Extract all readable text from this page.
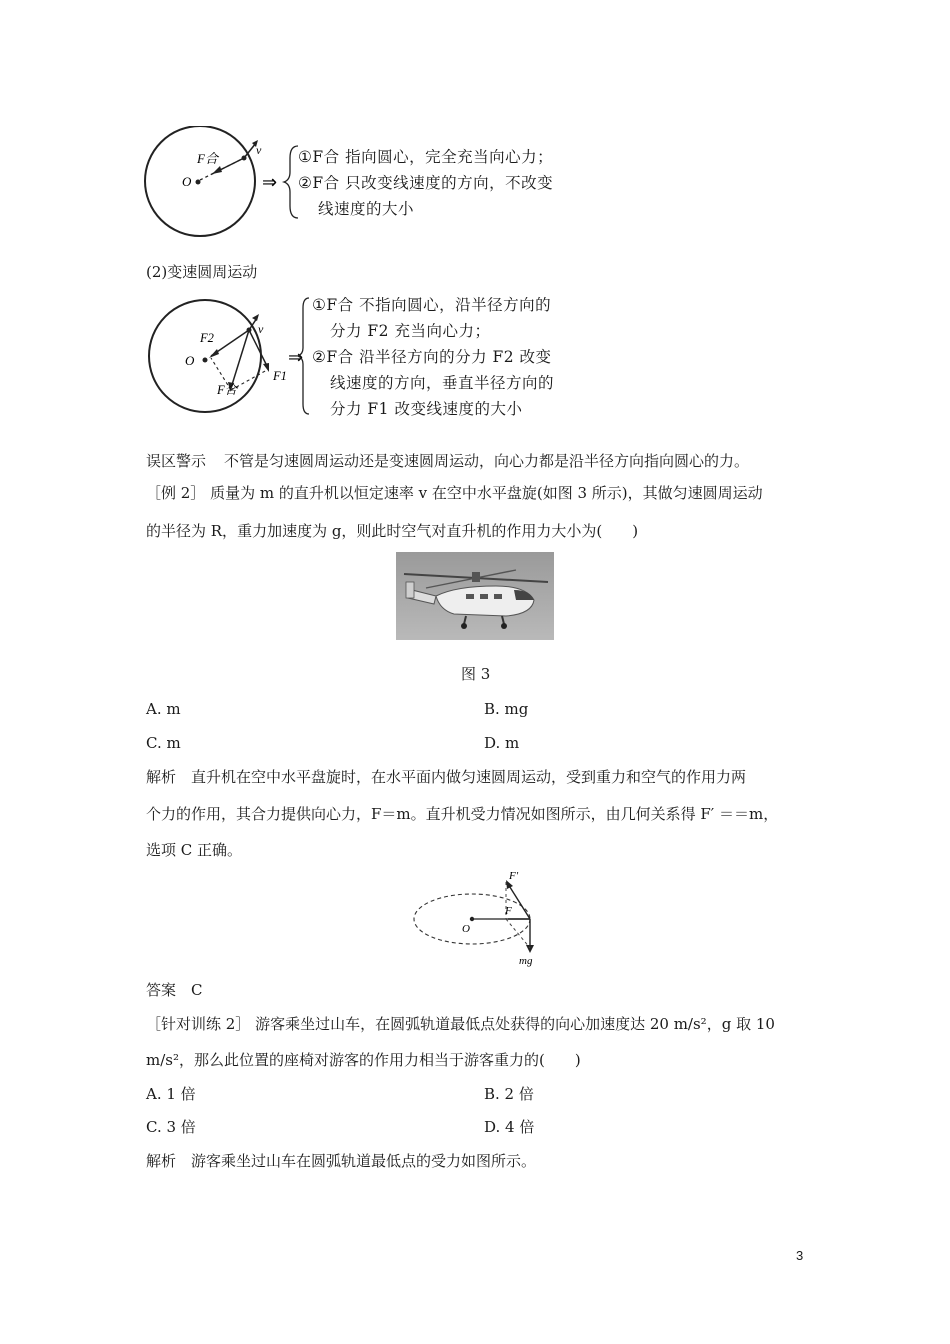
F合
v
O	⇒
①F合 指向圆心，完全充当向心力；
②F合 只改变线速度的方向，不改变
线速度的大小
(2)变速圆周运动
F2
O
v
F1
F合
⇒
①F合 不指向圆心，沿半径方向的
分力 F2 充当向心力；
②F合 沿半径方向的分力 F2 改变
线速度的方向，垂直半径方向的
分力 F1 改变线速度的大小
误区警示 不管是匀速圆周运动还是变速圆周运动，向心力都是沿半径方向指向圆心的力。
［例 2］ 质量为 m 的直升机以恒定速率 v 在空中水平盘旋(如图 3 所示)，其做匀速圆周运动
的半径为 R，重力加速度为 g，则此时空气对直升机的作用力大小为(　　)
图 3
A. m	B. mg
C. m	D. m
解析　直升机在空中水平盘旋时，在水平面内做匀速圆周运动，受到重力和空气的作用力两
个力的作用，其合力提供向心力，F＝m。直升机受力情况如图所示，由几何关系得 F′ ＝＝m，
选项 C 正确。
F′
F
O
mg
答案　C
［针对训练 2］ 游客乘坐过山车，在圆弧轨道最低点处获得的向心加速度达 20 m/s²，g 取 10
m/s²，那么此位置的座椅对游客的作用力相当于游客重力的(　　)
A. 1 倍	B. 2 倍
C. 3 倍	D. 4 倍
解析　游客乘坐过山车在圆弧轨道最低点的受力如图所示。
3
